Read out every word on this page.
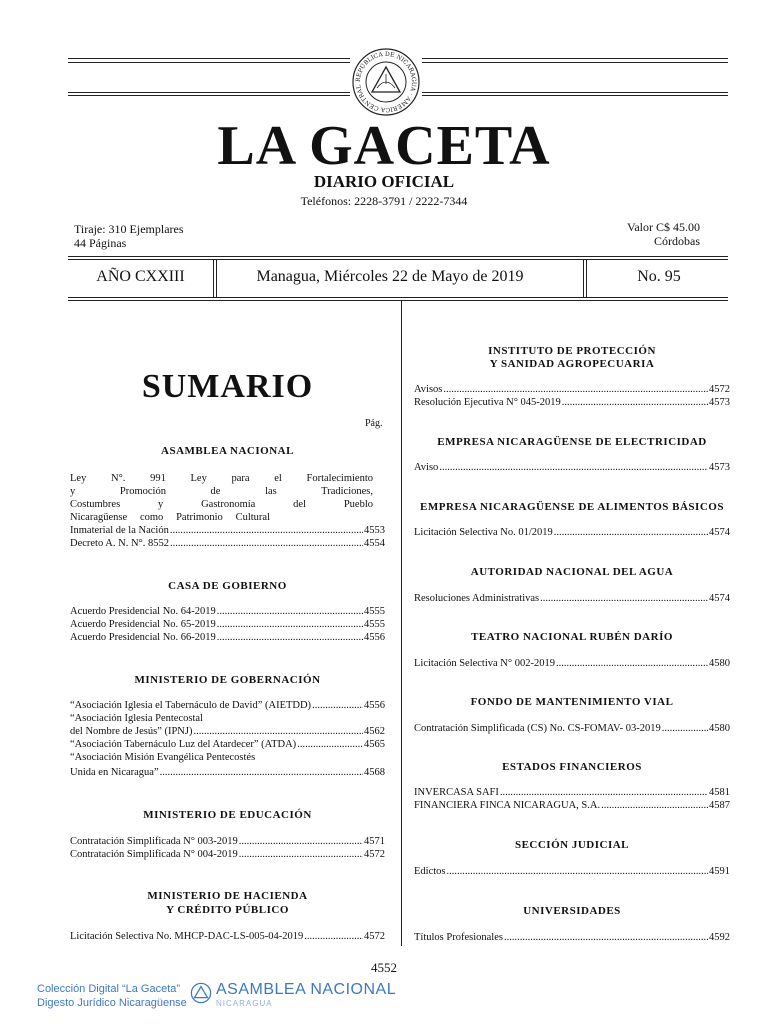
REPÚBLICA DE NICARAGUA · AMÉRICA CENTRAL
LA GACETA
DIARIO OFICIAL
Teléfonos: 2228-3791 / 2222-7344
Tiraje: 310 Ejemplares
44 Páginas
Valor C$ 45.00
Córdobas
AÑO CXXIII	Managua, Miércoles 22 de Mayo de 2019	No. 95
SUMARIO
Pág.
ASAMBLEA NACIONAL
Ley N°. 991 Ley para el Fortalecimiento
y Promoción de las Tradiciones,
Costumbres y Gastronomía del Pueblo
Nicaragüense como Patrimonio Cultural
Inmaterial de la Nación .....	4553
Decreto A. N. N°. 8552 .....	4554
CASA DE GOBIERNO
Acuerdo Presidencial No. 64-2019 .....	4555
Acuerdo Presidencial No. 65-2019 .....	4555
Acuerdo Presidencial No. 66-2019 .....	4556
MINISTERIO DE GOBERNACIÓN
“Asociación Iglesia el Tabernáculo de David” (AIETDD) .....	4556
“Asociación Iglesia Pentecostal
del Nombre de Jesús” (IPNJ) .....	4562
“Asociación Tabernáculo Luz del Atardecer” (ATDA) .....	4565
“Asociación Misión Evangélica Pentecostés
Unida en Nicaragua” .....	4568
MINISTERIO DE EDUCACIÓN
Contratación Simplificada N° 003-2019 .....	4571
Contratación Simplificada N° 004-2019 .....	4572
MINISTERIO DE HACIENDA
Y CRÉDITO PÚBLICO
Licitación Selectiva No. MHCP-DAC-LS-005-04-2019 .....	4572
INSTITUTO DE PROTECCIÓN
Y SANIDAD AGROPECUARIA
Avisos .....	4572
Resolución Ejecutiva N° 045-2019 .....	4573
EMPRESA NICARAGÜENSE DE ELECTRICIDAD
Aviso .....	4573
EMPRESA NICARAGÜENSE DE ALIMENTOS BÁSICOS
Licitación Selectiva No. 01/2019 .....	4574
AUTORIDAD NACIONAL DEL AGUA
Resoluciones Administrativas .....	4574
TEATRO NACIONAL RUBÉN DARÍO
Licitación Selectiva N° 002-2019 .....	4580
FONDO DE MANTENIMIENTO VIAL
Contratación Simplificada (CS) No. CS-FOMAV- 03-2019 .....	4580
ESTADOS FINANCIEROS
INVERCASA SAFI .....	4581
FINANCIERA FINCA NICARAGUA, S.A. .....	4587
SECCIÓN JUDICIAL
Edictos .....	4591
UNIVERSIDADES
Títulos Profesionales .....	4592
4552
Colección Digital “La Gaceta”
Digesto Jurídico Nicaragüense
ASAMBLEA NACIONAL
NICARAGUA
